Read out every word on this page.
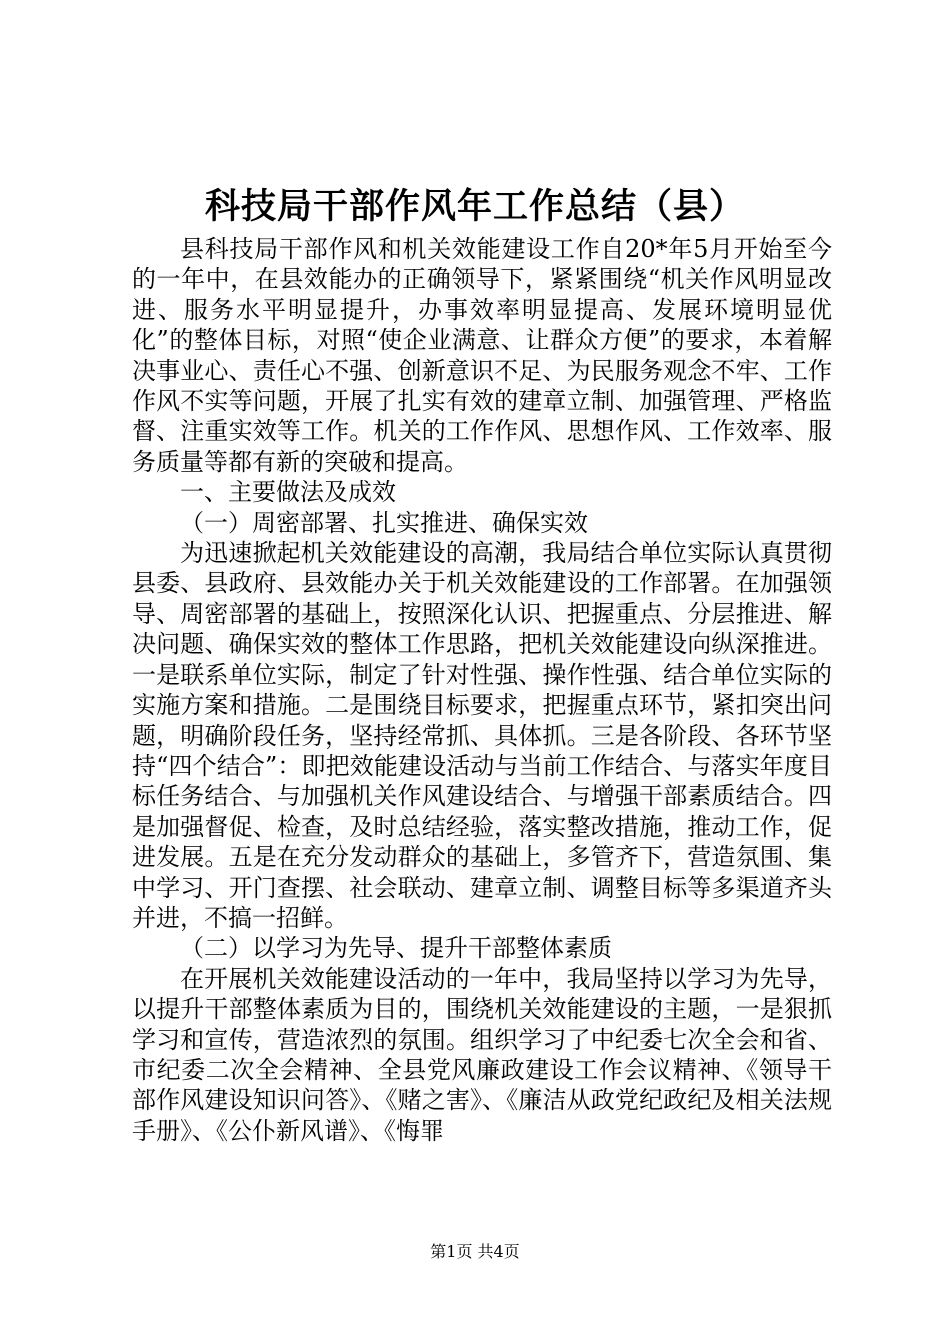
科技局干部作风年工作总结（县）

县科技局干部作风和机关效能建设工作自20*年5月开始至今的一年中，在县效能办的正确领导下，紧紧围绕“机关作风明显改进、服务水平明显提升，办事效率明显提高、发展环境明显优化”的整体目标，对照“使企业满意、让群众方便”的要求，本着解决事业心、责任心不强、创新意识不足、为民服务观念不牢、工作作风不实等问题，开展了扎实有效的建章立制、加强管理、严格监督、注重实效等工作。机关的工作作风、思想作风、工作效率、服务质量等都有新的突破和提高。

一、主要做法及成效

（一）周密部署、扎实推进、确保实效

为迅速掀起机关效能建设的高潮，我局结合单位实际认真贯彻县委、县政府、县效能办关于机关效能建设的工作部署。在加强领导、周密部署的基础上，按照深化认识、把握重点、分层推进、解决问题、确保实效的整体工作思路，把机关效能建设向纵深推进。一是联系单位实际，制定了针对性强、操作性强、结合单位实际的实施方案和措施。二是围绕目标要求，把握重点环节，紧扣突出问题，明确阶段任务，坚持经常抓、具体抓。三是各阶段、各环节坚持“四个结合”：即把效能建设活动与当前工作结合、与落实年度目标任务结合、与加强机关作风建设结合、与增强干部素质结合。四是加强督促、检查，及时总结经验，落实整改措施，推动工作，促进发展。五是在充分发动群众的基础上，多管齐下，营造氛围、集中学习、开门查摆、社会联动、建章立制、调整目标等多渠道齐头并进，不搞一招鲜。

（二）以学习为先导、提升干部整体素质

在开展机关效能建设活动的一年中，我局坚持以学习为先导，以提升干部整体素质为目的，围绕机关效能建设的主题，一是狠抓学习和宣传，营造浓烈的氛围。组织学习了中纪委七次全会和省、市纪委二次全会精神、全县党风廉政建设工作会议精神、《领导干部作风建设知识问答》、《赌之害》、《廉洁从政党纪政纪及相关法规手册》、《公仆新风谱》、《悔罪

第1页 共4页
